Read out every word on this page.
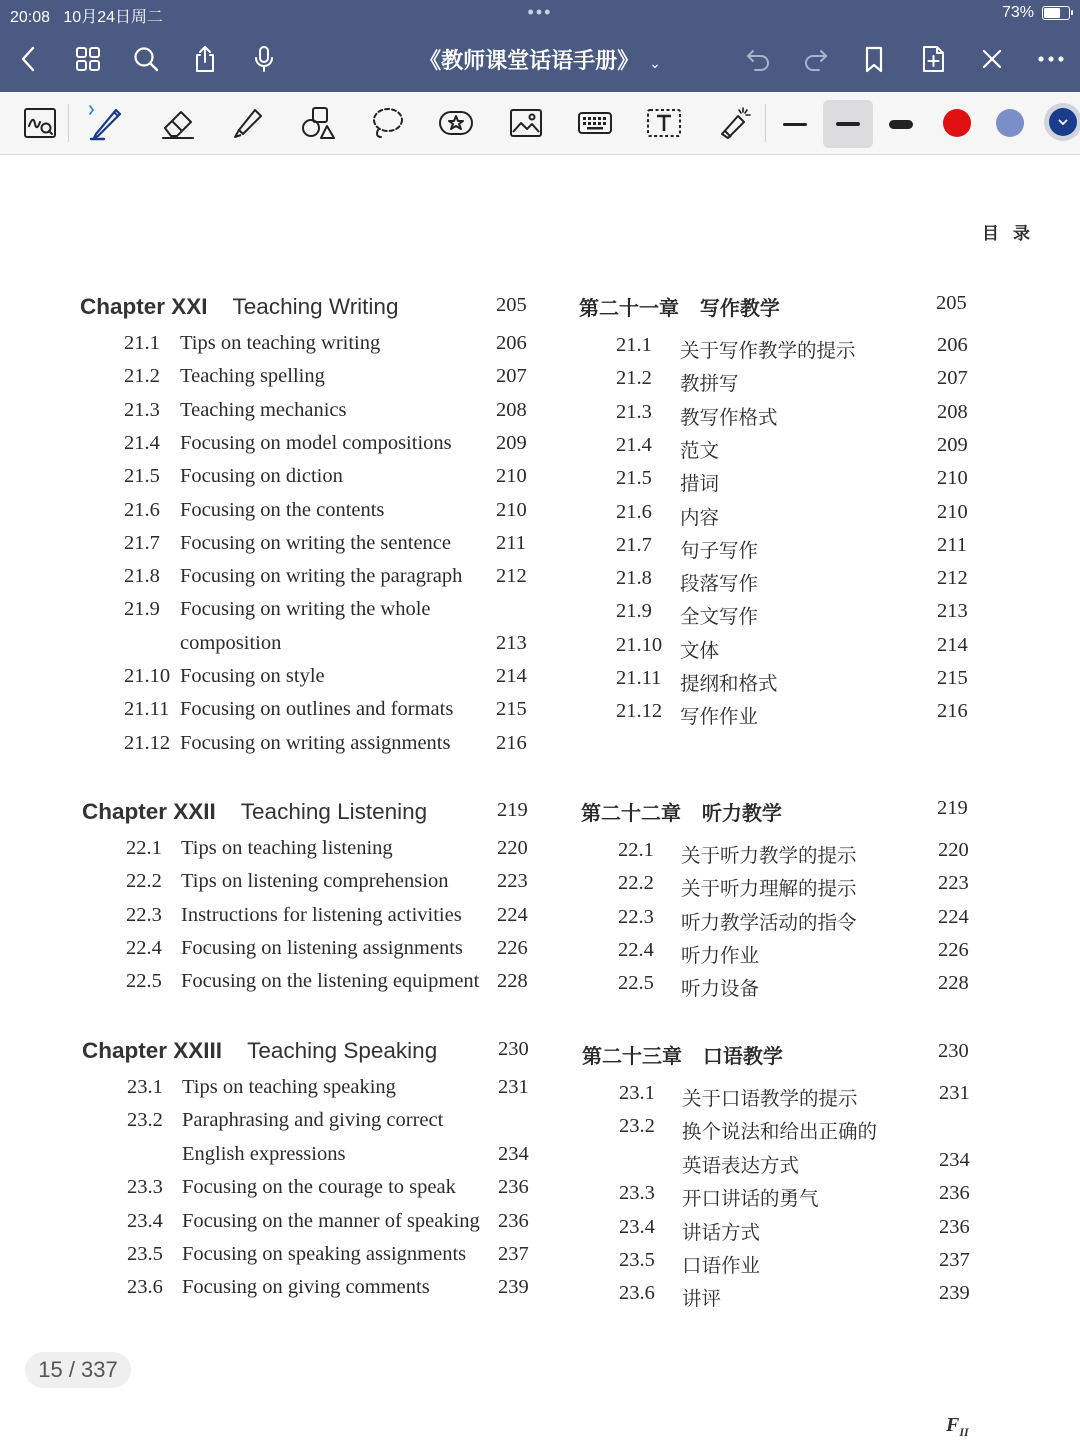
20:08 10月24日周二	•••	73%
《教师课堂话语手册》 ⌄
目录
Chapter XXI Teaching Writing	205
21.1 Tips on teaching writing	206
21.2 Teaching spelling	207
21.3 Teaching mechanics	208
21.4 Focusing on model compositions 209
21.5 Focusing on diction	210
21.6 Focusing on the contents	210
21.7 Focusing on writing the sentence 211
21.8 Focusing on writing the paragraph 212
21.9 Focusing on writing the whole
composition	213
21.10 Focusing on style	214
21.11 Focusing on outlines and formats 215
21.12 Focusing on writing assignments 216
Chapter XXII Teaching Listening	219
22.1 Tips on teaching listening	220
22.2 Tips on listening comprehension 223
22.3 Instructions for listening activities 224
22.4 Focusing on listening assignments 226
22.5 Focusing on the listening equipment 228
Chapter XXIII Teaching Speaking	230
23.1 Tips on teaching speaking	231
23.2 Paraphrasing and giving correct
English expressions	234
23.3 Focusing on the courage to speak 236
23.4 Focusing on the manner of speaking 236
23.5 Focusing on speaking assignments 237
23.6 Focusing on giving comments	239
第二十一章 写作教学	205
21.1 关于写作教学的提示	206
21.2 教拼写	207
21.3 教写作格式	208
21.4 范文	209
21.5 措词	210
21.6 内容	210
21.7 句子写作	211
21.8 段落写作	212
21.9 全文写作	213
21.10 文体	214
21.11 提纲和格式	215
21.12 写作作业	216
第二十二章 听力教学	219
22.1 关于听力教学的提示	220
22.2 关于听力理解的提示	223
22.3 听力教学活动的指令	224
22.4 听力作业	226
22.5 听力设备	228
第二十三章 口语教学	230
23.1 关于口语教学的提示	231
23.2 换个说法和给出正确的
英语表达方式	234
23.3 开口讲话的勇气	236
23.4 讲话方式	236
23.5 口语作业	237
23.6 讲评	239
15 / 337
$F_{II}$
